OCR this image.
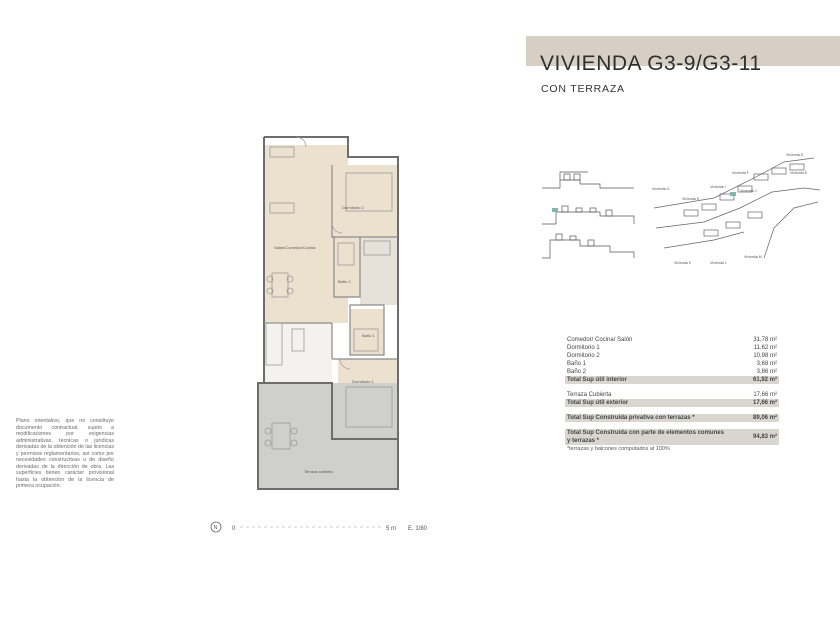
VIVIENDA G3-9/G3-11
CON TERRAZA
Plano orientativo, que no constituye documento contractual, sujeto a modificaciones por exigencias administrativas, técnicas o jurídicas derivadas de la obtención de las licencias y permisos reglamentarios, así como por necesidades constructivas o de diseño derivadas de la dirección de obra. Las superficies tienen carácter provisional hasta la obtención de la licencia de primera ocupación.
Salón/Comedor/Cocina
Dormitorio 2
Baño 2
Baño 1
Dormitorio 1
Terraza cubierta
N 0	5 m E. 1/80
Vivienda D
Vivienda E
Vivienda F
Vivienda G
Vivienda H
Vivienda I
Vivienda J
Vivienda K	Vivienda L
Vivienda M
Comedor/ Cocina/ Salón	31,78 m²
Dormitorio 1	11,62 m²
Dormitorio 2	10,98 m²
Baño 1	3,68 m²
Baño 2	3,86 m²
Total Sup útil interior	61,92 m²
Terraza Cubierta	17,66 m²
Total Sup útil exterior	17,66 m²
Total Sup Construida privativa con terrazas *	89,06 m²
Total Sup Construida con parte de elementos comunes y terrazas *
94,83 m²
*terrazas y balcones computados al 100%
